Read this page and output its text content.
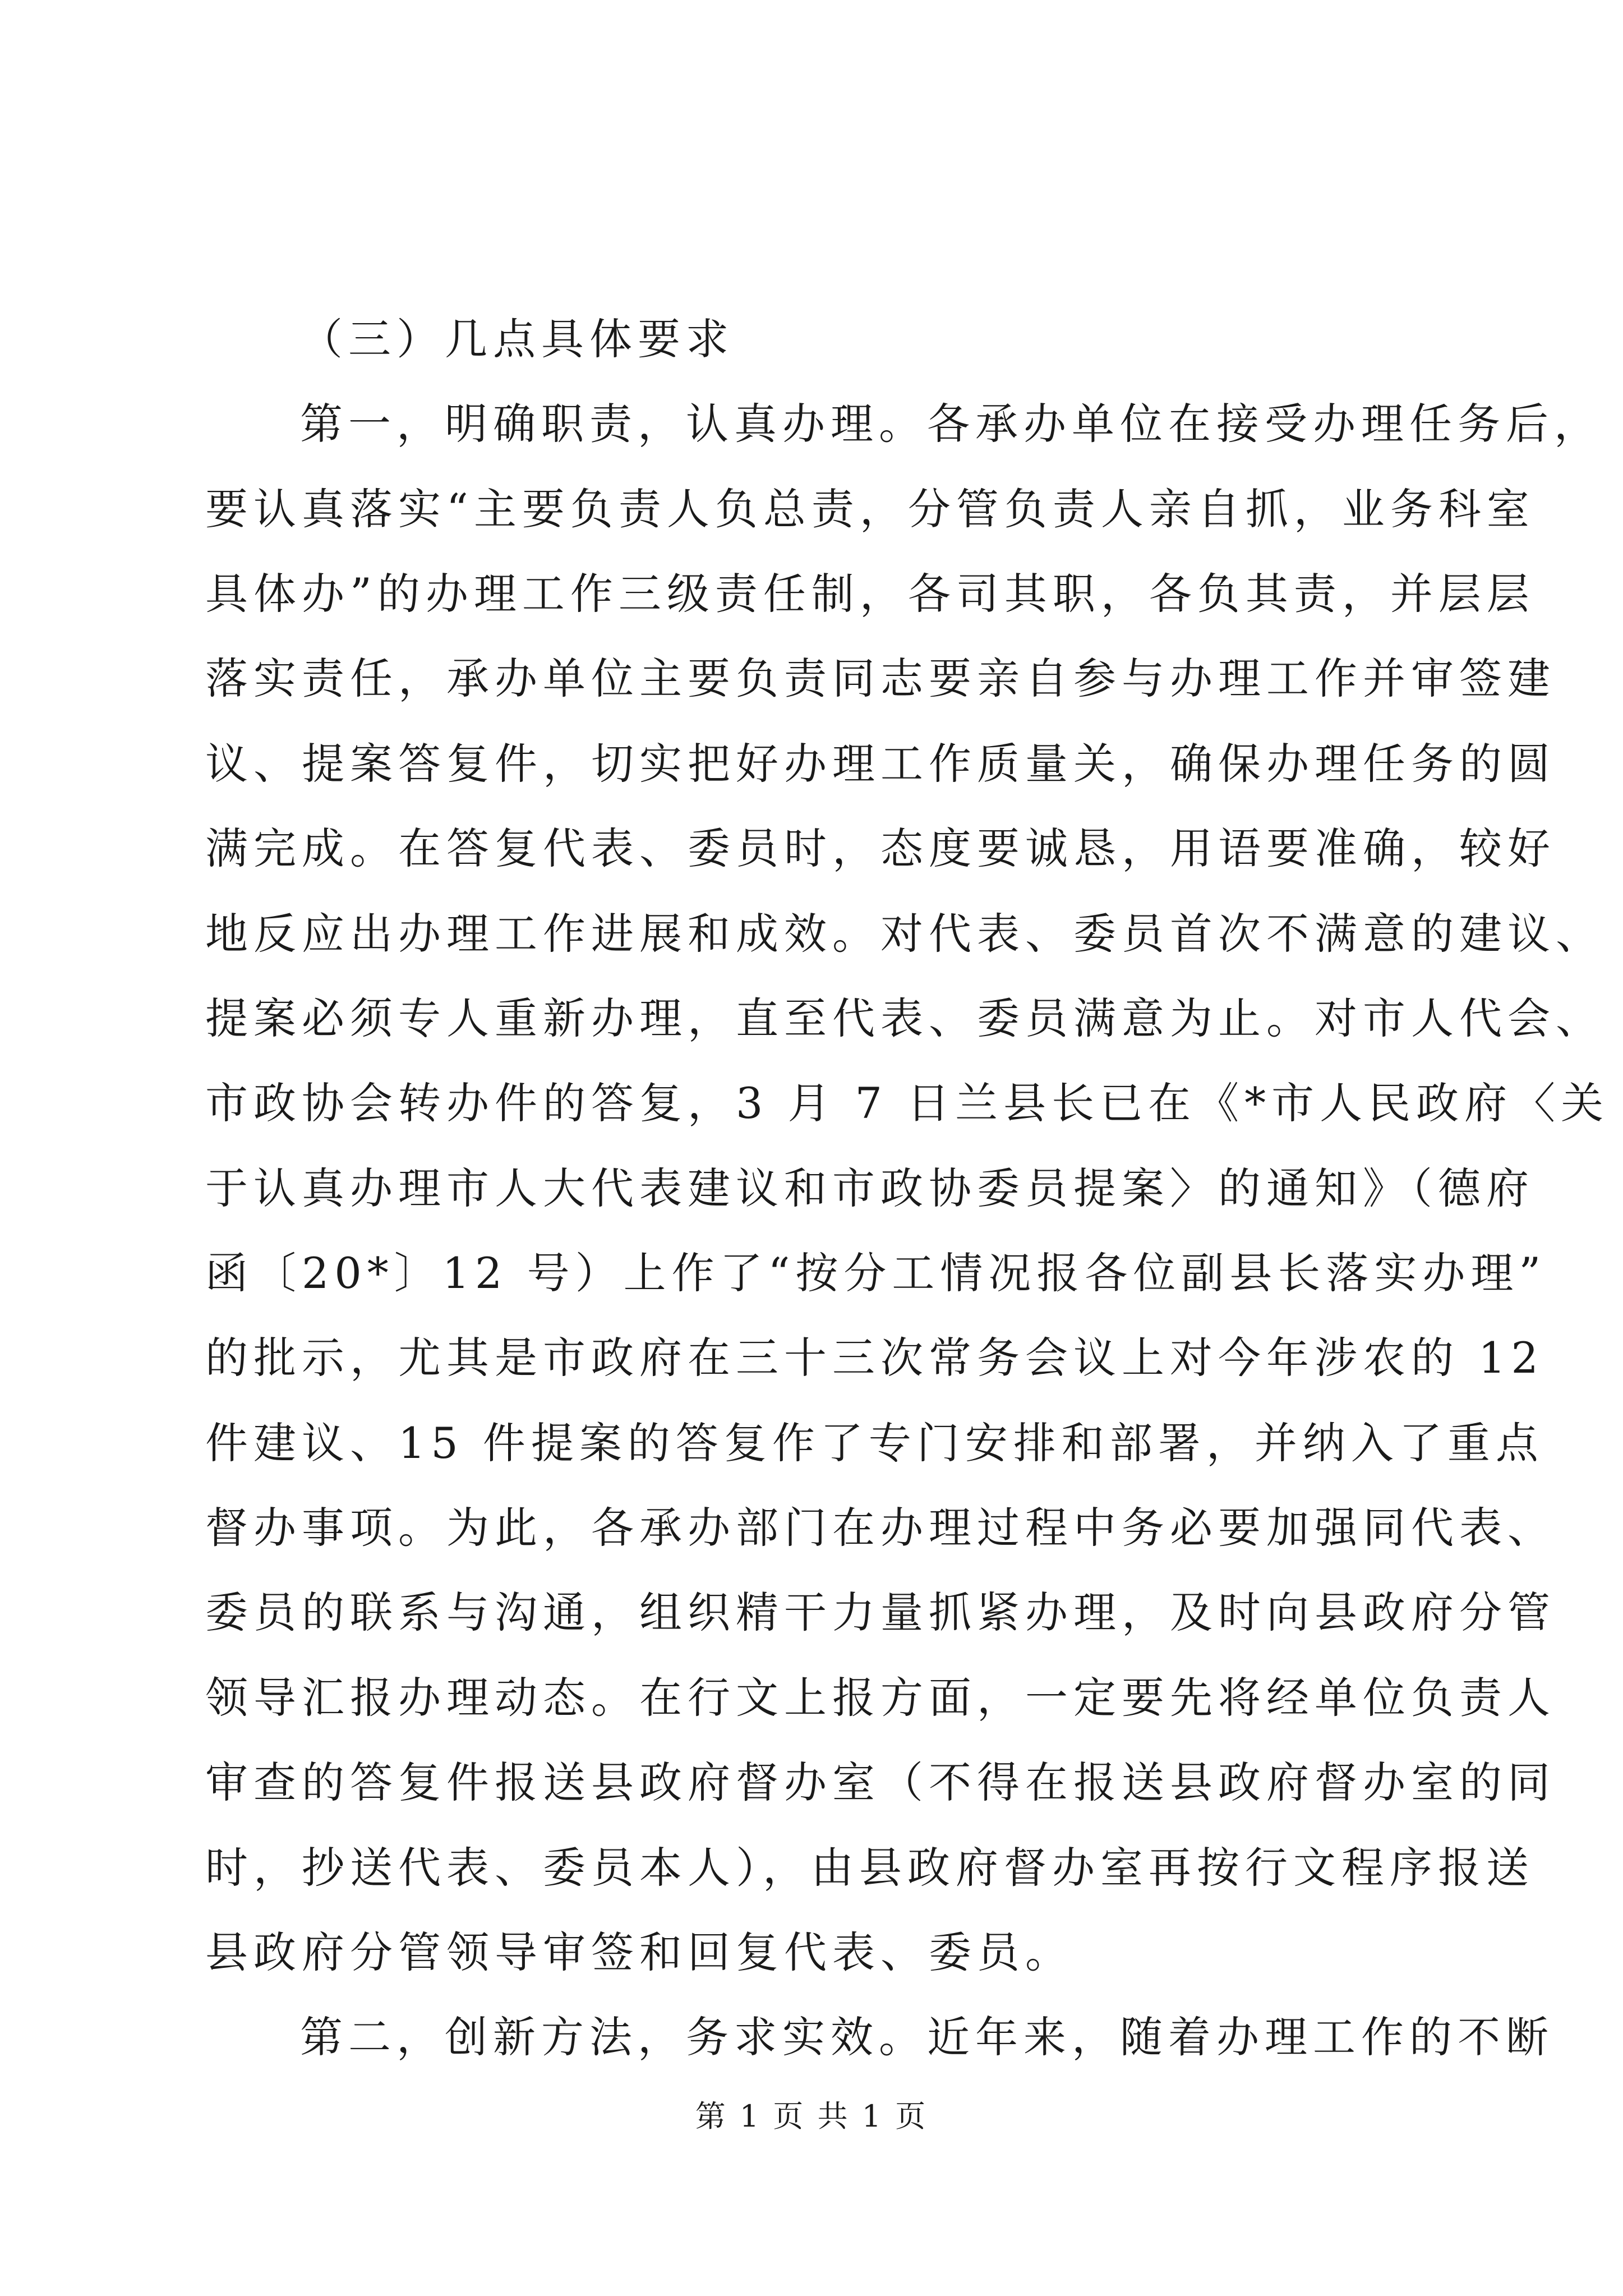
（三）几点具体要求
第一，明确职责，认真办理。各承办单位在接受办理任务后，
要认真落实“主要负责人负总责，分管负责人亲自抓，业务科室
具体办”的办理工作三级责任制，各司其职，各负其责，并层层
落实责任，承办单位主要负责同志要亲自参与办理工作并审签建
议、提案答复件，切实把好办理工作质量关，确保办理任务的圆
满完成。在答复代表、委员时，态度要诚恳，用语要准确，较好
地反应出办理工作进展和成效。对代表、委员首次不满意的建议、
提案必须专人重新办理，直至代表、委员满意为止。对市人代会、
市政协会转办件的答复，3 月 7 日兰县长已在《*市人民政府〈关
于认真办理市人大代表建议和市政协委员提案〉的通知》（德府
函〔20*〕12 号）上作了“按分工情况报各位副县长落实办理”
的批示，尤其是市政府在三十三次常务会议上对今年涉农的 12
件建议、15 件提案的答复作了专门安排和部署，并纳入了重点
督办事项。为此，各承办部门在办理过程中务必要加强同代表、
委员的联系与沟通，组织精干力量抓紧办理，及时向县政府分管
领导汇报办理动态。在行文上报方面，一定要先将经单位负责人
审查的答复件报送县政府督办室（不得在报送县政府督办室的同
时，抄送代表、委员本人），由县政府督办室再按行文程序报送
县政府分管领导审签和回复代表、委员。
第二，创新方法，务求实效。近年来，随着办理工作的不断
第 1 页 共 1 页
